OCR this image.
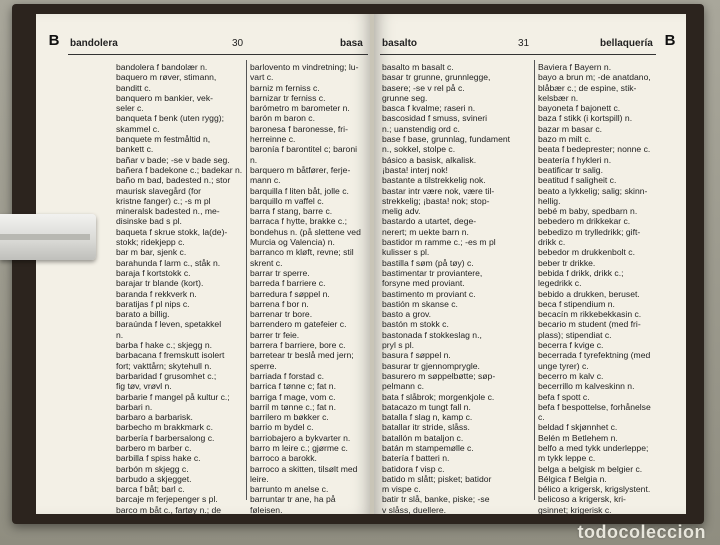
B	bandolera	30	basa
bandolera f bandolær n.
baquero m røver, stimann,
banditt c.
banquero m bankier, vek-
seler c.
banqueta f benk (uten rygg);
skammel c.
banquete m festmåltid n,
bankett c.
bañar v bade; -se v bade seg.
bañera f badekone c.; badekar n.
baño m bad, badested n.; stor
maurisk slavegård (for
kristne fanger) c.; -s m pl
mineralsk badested n., me-
disinske bad s pl.
baqueta f skrue stokk, la(de)-
stokk; ridekjepp c.
bar m bar, sjenk c.
barahunda f larm c., ståk n.
baraja f kortstokk c.
barajar tr blande (kort).
baranda f rekkverk n.
baratijas f pl nips c.
barato a billig.
baraúnda f leven, spetakkel
n.
barba f hake c.; skjegg n.
barbacana f fremskutt isolert
fort; vakttårn; skytehull n.
barbaridad f grusomhet c.;
fig tøv, vrøvl n.
barbarie f mangel på kultur c.;
barbari n.
barbaro a barbarisk.
barbecho m brakkmark c.
barbería f barbersalong c.
barbero m barber c.
barbilla f spiss hake c.
barbón m skjegg c.
barbudo a skjegget.
barca f båt; barl c.
barcaje m ferjepenger s pl.
barco m båt c., fartøy n.; de
barlovento m vindretning; lu-
vart c.
barniz m ferniss c.
barnizar tr ferniss c.
barómetro m barometer n.
barón m baron c.
baronesa f baronesse, fri-
herreinne c.
baronía f barontitel c; baroni
n.
barquero m båtfører, ferje-
mann c.
barquilla f liten båt, jolle c.
barquillo m vaffel c.
barra f stang, barre c.
barraca f hytte, brakke c.;
bondehus n. (på slettene ved
Murcia og Valencia) n.
barranco m kløft, revne; stil
skrent c.
barrar tr sperre.
barreda f barriere c.
barredura f søppel n.
barrena f bor n.
barrenar tr bore.
barrendero m gatefeier c.
barrer tr feie.
barrera f barriere, bore c.
barretear tr beslå med jern;
sperre.
barriada f forstad c.
barrica f tønne c; fat n.
barriga f mage, vom c.
barril m tønne c.; fat n.
barrilero m bøkker c.
barrio m bydel c.
barriobajero a bykvarter n.
barro m leire c.; gjørme c.
barroco a barokk.
barroco a skitten, tilsølt med
leire.
barrunto m anelse c.
barruntar tr ane, ha på
føleisen.
basalto	31	bellaquería B
basalto m basalt c.
basar tr grunne, grunnlegge,
basere; -se v rel på c.
grunne seg.
basca f kvalme; raseri n.
bascosidad f smuss, svineri
n.; uanstendig ord c.
base f base, grunnlag, fundament
n., sokkel, stolpe c.
básico a basisk, alkalisk.
¡basta! interj nok!
bastante a tilstrekkelig nok.
bastar intr være nok, være til-
strekkelig; ¡basta! nok; stop-
melig adv.
bastardo a utartet, dege-
nerert; m uekte barn n.
bastidor m ramme c.; -es m pl
kulisser s pl.
bastilla f søm (på tøy) c.
bastimentar tr proviantere,
forsyne med proviant.
bastimento m proviant c.
bastión m skanse c.
basto a grov.
bastón m stokk c.
bastonada f stokkeslag n.,
pryl s pl.
basura f søppel n.
basurar tr gjennomprygle.
basurero m søppelbøtte; søp-
pelmann c.
bata f slåbrok; morgenkjole c.
batacazo m tungt fall n.
batalla f slag n, kamp c.
batallar itr stride, slåss.
batallón m bataljon c.
batán m stampemølle c.
batería f batteri n.
batidora f visp c.
batido m slått; pisket; batidor
m vispe c.
batir tr slå, banke, piske; -se
v slåss, duellere.
Baviera f Bayern n.
bayo a brun m; -de anatdano,
blåbær c.; de espine, stik-
kelsbær n.
bayoneta f bajonett c.
baza f stikk (i kortspill) n.
bazar m basar c.
bazo m milt c.
beata f bedeprester; nonne c.
beatería f hykleri n.
beatificar tr salig.
beatitud f saligheit c.
beato a lykkelig; salig; skinn-
hellig.
bebé m baby, spedbarn n.
bebedero m drikkekar c.
bebedizo m trylledrikk; gift-
drikk c.
bebedor m drukkenbolt c.
beber tr drikke.
bebida f drikk, drikk c.;
legedrikk c.
bebido a drukken, beruset.
beca f stipendium n.
becacín m rikkebekkasin c.
becario m student (med fri-
plass); stipendiat c.
becerra f kvige c.
becerrada f tyrefektning (med
unge tyrer) c.
becerro m kalv c.
becerrillo m kalveskinn n.
befa f spott c.
befa f bespottelse, forhånelse
c.
beldad f skjønnhet c.
Belén m Betlehem n.
belfo a med tykk underleppe;
m tykk leppe c.
belga a belgisk m belgier c.
Bélgica f Belgia n.
bélico a krigersk, krigslystent.
belicoso a krigersk, kri-
gsinnet; krigerisk c.
todocoleccion
